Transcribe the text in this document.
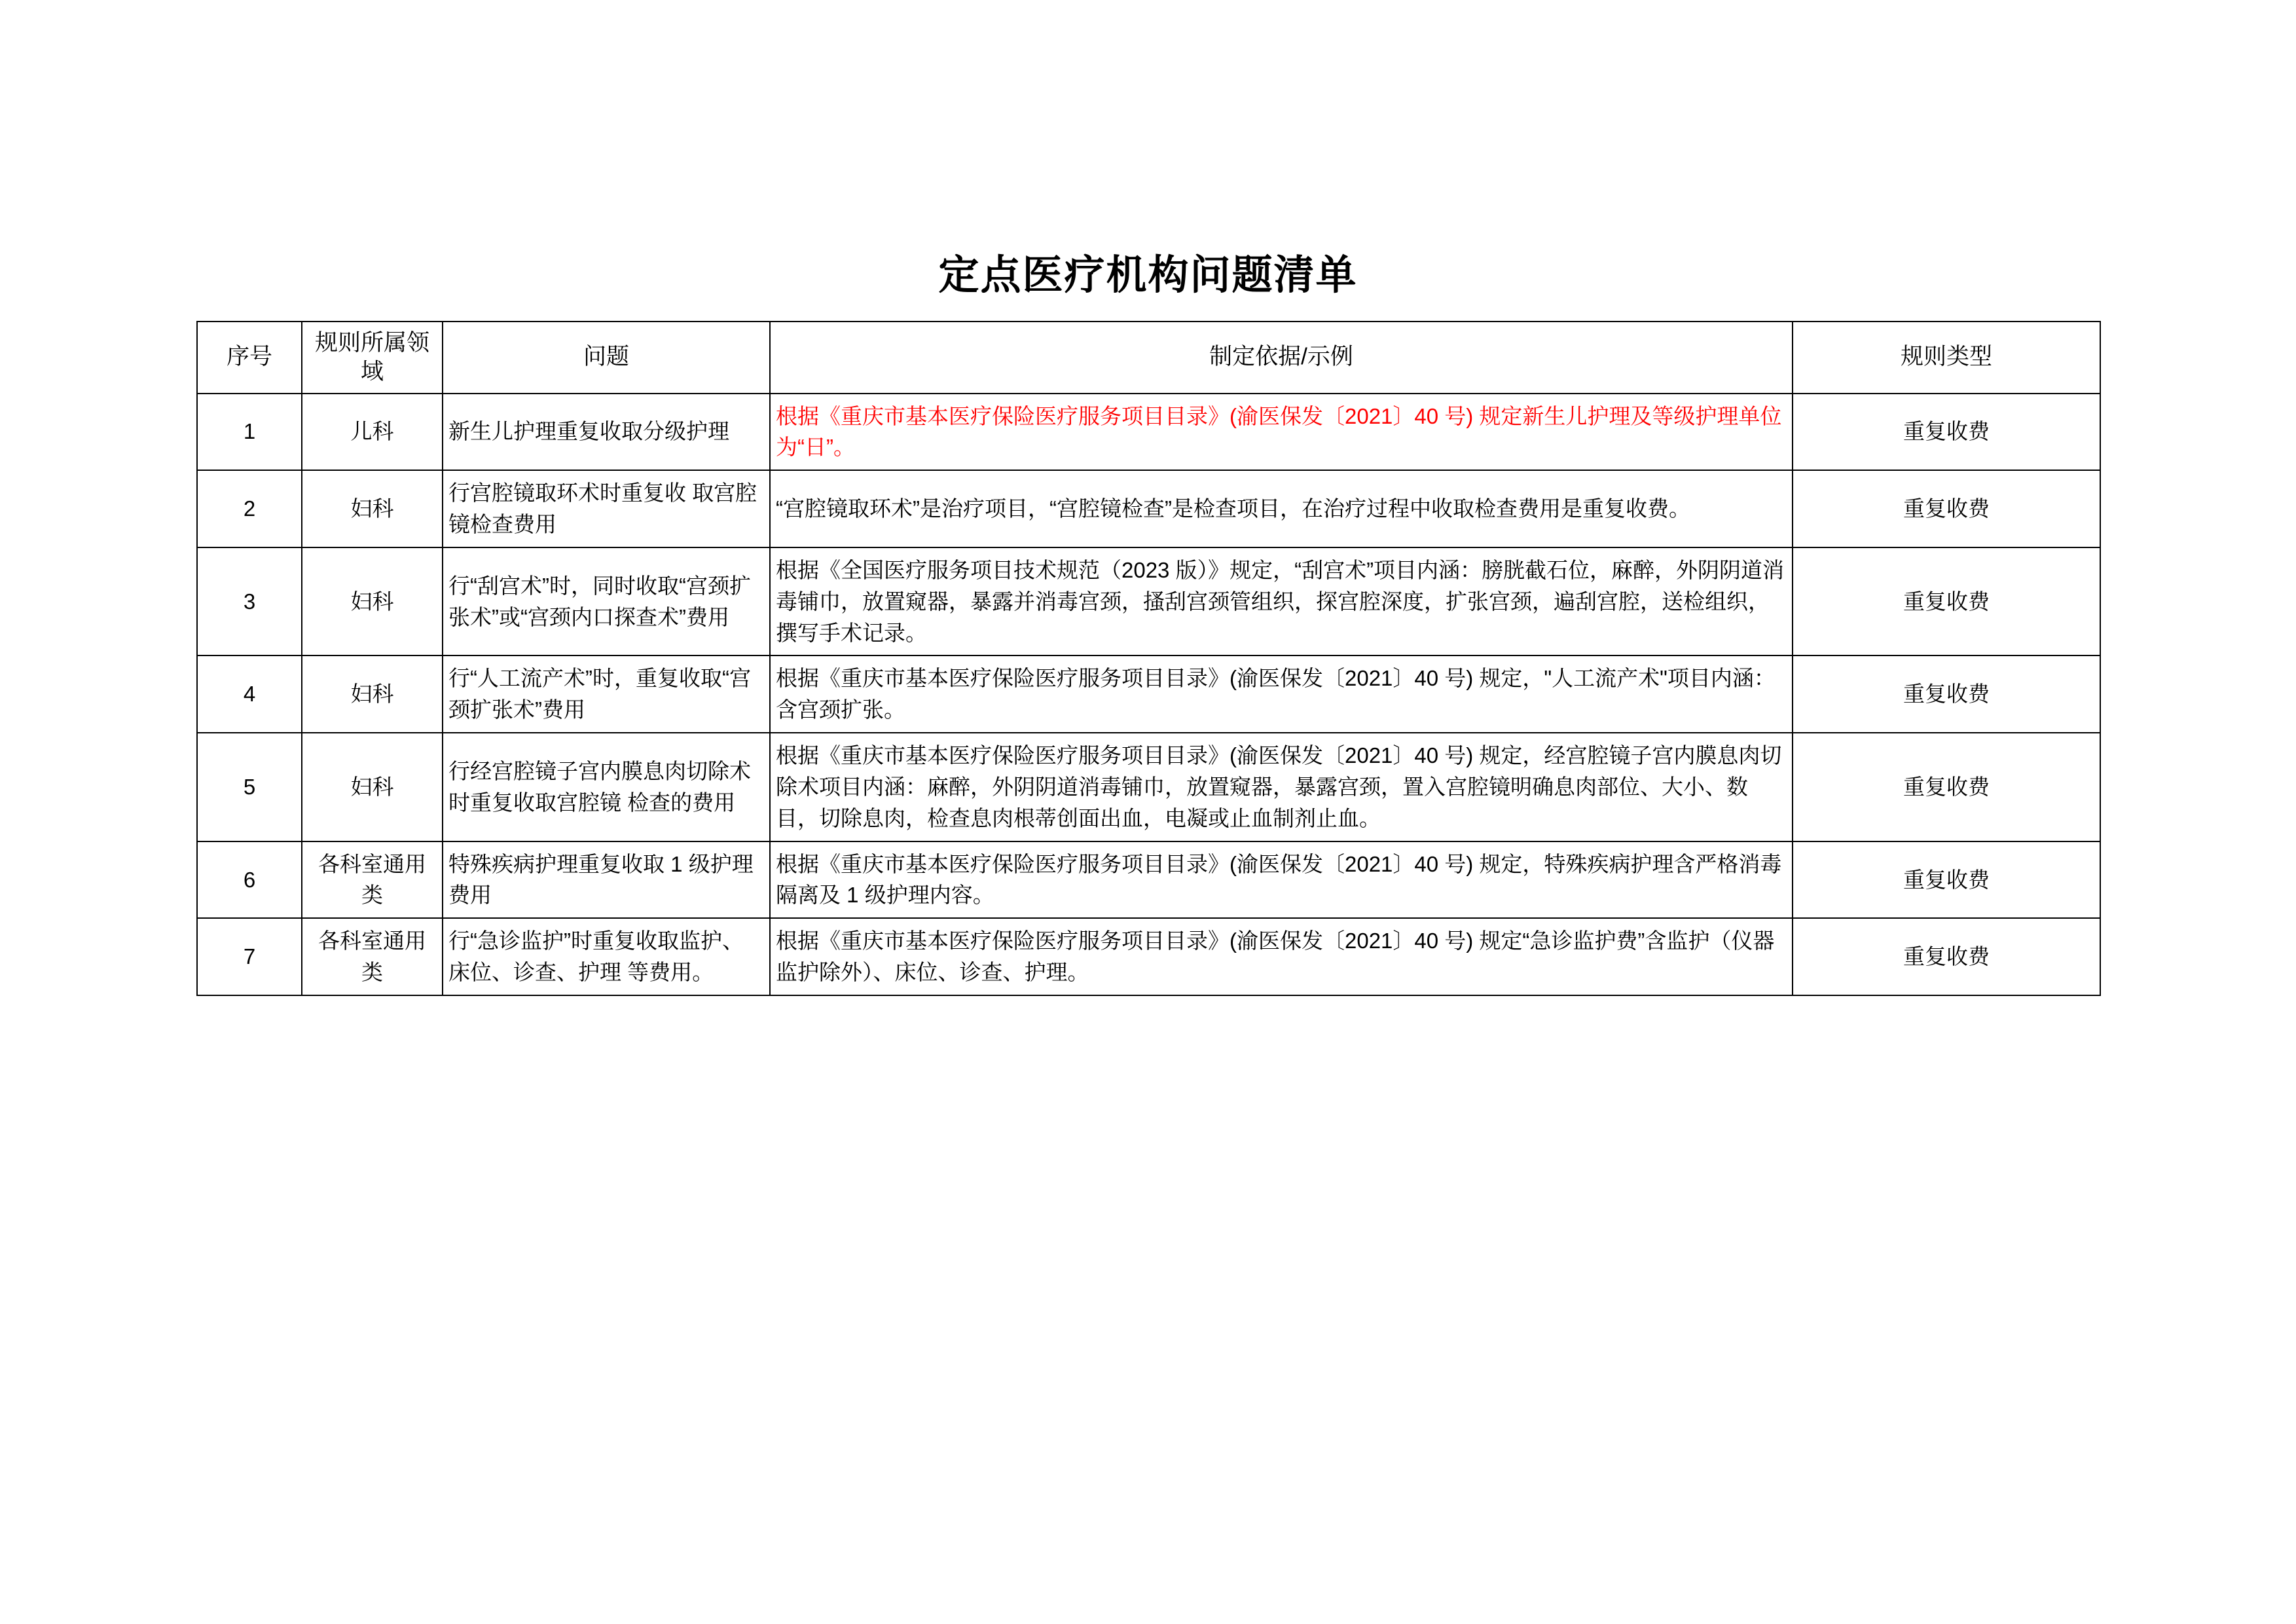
定点医疗机构问题清单
序号	规则所属领域	问题	制定依据/示例	规则类型
1	儿科	新生儿护理重复收取分级护理	根据《重庆市基本医疗保险医疗服务项目目录》(渝医保发〔2021〕40 号) 规定新生儿护理及等级护理单位为“日”。	重复收费
2	妇科	行宫腔镜取环术时重复收 取宫腔镜检查费用	“宫腔镜取环术”是治疗项目，“宫腔镜检查”是检查项目，在治疗过程中收取检查费用是重复收费。	重复收费
3	妇科	行“刮宫术”时，同时收取“宫颈扩张术”或“宫颈内口探查术”费用	根据《全国医疗服务项目技术规范（2023 版）》规定，“刮宫术”项目内涵：膀胱截石位，麻醉，外阴阴道消毒铺巾，放置窥器，暴露并消毒宫颈，搔刮宫颈管组织，探宫腔深度，扩张宫颈，遍刮宫腔，送检组织，撰写手术记录。	重复收费
4	妇科	行“人工流产术”时，重复收取“宫颈扩张术”费用	根据《重庆市基本医疗保险医疗服务项目目录》(渝医保发〔2021〕40 号) 规定，"人工流产术"项目内涵：含宫颈扩张。	重复收费
5	妇科	行经宫腔镜子宫内膜息肉切除术时重复收取宫腔镜 检查的费用	根据《重庆市基本医疗保险医疗服务项目目录》(渝医保发〔2021〕40 号) 规定，经宫腔镜子宫内膜息肉切除术项目内涵：麻醉，外阴阴道消毒铺巾，放置窥器，暴露宫颈，置入宫腔镜明确息肉部位、大小、数目，切除息肉，检查息肉根蒂创面出血，电凝或止血制剂止血。	重复收费
6	各科室通用类	特殊疾病护理重复收取 1 级护理费用	根据《重庆市基本医疗保险医疗服务项目目录》(渝医保发〔2021〕40 号) 规定，特殊疾病护理含严格消毒隔离及 1 级护理内容。	重复收费
7	各科室通用类	行“急诊监护”时重复收取监护、床位、诊查、护理 等费用。	根据《重庆市基本医疗保险医疗服务项目目录》(渝医保发〔2021〕40 号) 规定“急诊监护费”含监护（仪器监护除外）、床位、诊查、护理。	重复收费
